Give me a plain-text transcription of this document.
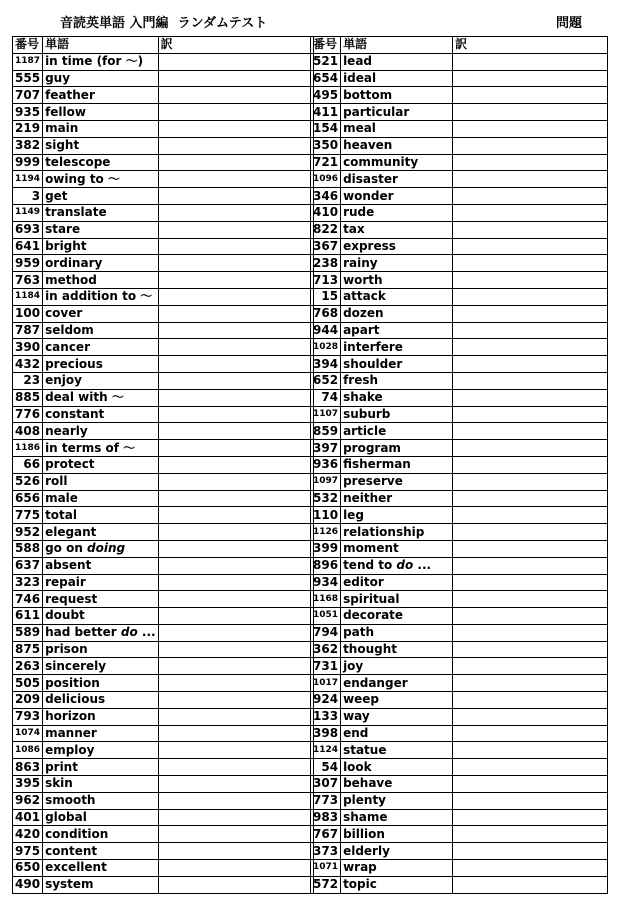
音読英単語 入門編  ランダムテスト	問題
番号	単語	訳
1187	in time (for ～)	
555	guy	
707	feather	
935	fellow	
219	main	
382	sight	
999	telescope	
1194	owing to ～	
3	get	
1149	translate	
693	stare	
641	bright	
959	ordinary	
763	method	
1184	in addition to ～	
100	cover	
787	seldom	
390	cancer	
432	precious	
23	enjoy	
885	deal with ～	
776	constant	
408	nearly	
1186	in terms of ～	
66	protect	
526	roll	
656	male	
775	total	
952	elegant	
588	go on doing	
637	absent	
323	repair	
746	request	
611	doubt	
589	had better do ...	
875	prison	
263	sincerely	
505	position	
209	delicious	
793	horizon	
1074	manner	
1086	employ	
863	print	
395	skin	
962	smooth	
401	global	
420	condition	
975	content	
650	excellent	
490	system	
番号	単語	訳
521	lead	
654	ideal	
495	bottom	
411	particular	
154	meal	
350	heaven	
721	community	
1096	disaster	
346	wonder	
410	rude	
822	tax	
367	express	
238	rainy	
713	worth	
15	attack	
768	dozen	
944	apart	
1028	interfere	
394	shoulder	
652	fresh	
74	shake	
1107	suburb	
859	article	
397	program	
936	fisherman	
1097	preserve	
532	neither	
110	leg	
1126	relationship	
399	moment	
896	tend to do ...	
934	editor	
1168	spiritual	
1051	decorate	
794	path	
362	thought	
731	joy	
1017	endanger	
924	weep	
133	way	
398	end	
1124	statue	
54	look	
307	behave	
773	plenty	
983	shame	
767	billion	
373	elderly	
1071	wrap	
572	topic	
